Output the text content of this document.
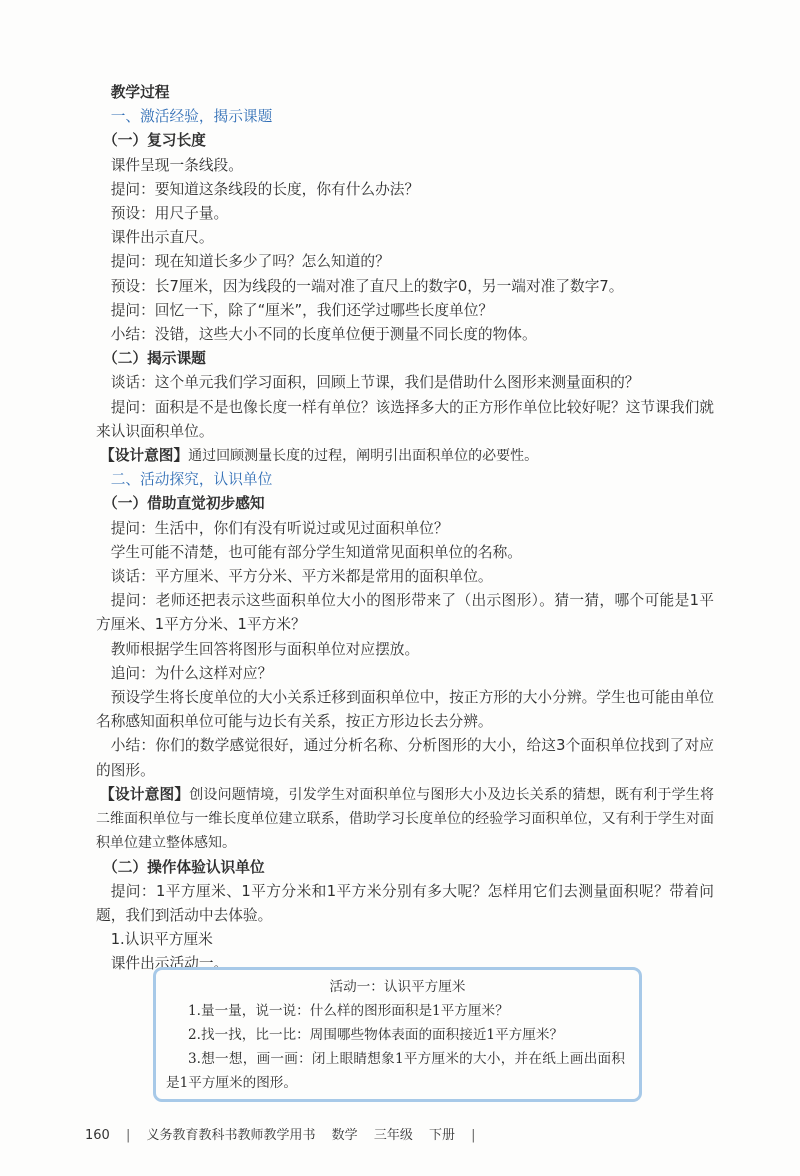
教学过程

一、激活经验，揭示课题

（一）复习长度

课件呈现一条线段。

提问：要知道这条线段的长度，你有什么办法？

预设：用尺子量。

课件出示直尺。

提问：现在知道长多少了吗？怎么知道的？

预设：长7厘米，因为线段的一端对准了直尺上的数字0，另一端对准了数字7。

提问：回忆一下，除了“厘米”，我们还学过哪些长度单位？

小结：没错，这些大小不同的长度单位便于测量不同长度的物体。

（二）揭示课题

谈话：这个单元我们学习面积，回顾上节课，我们是借助什么图形来测量面积的？

提问：面积是不是也像长度一样有单位？该选择多大的正方形作单位比较好呢？这节课我们就来认识面积单位。

【设计意图】通过回顾测量长度的过程，阐明引出面积单位的必要性。

二、活动探究，认识单位

（一）借助直觉初步感知

提问：生活中，你们有没有听说过或见过面积单位？

学生可能不清楚，也可能有部分学生知道常见面积单位的名称。

谈话：平方厘米、平方分米、平方米都是常用的面积单位。

提问：老师还把表示这些面积单位大小的图形带来了（出示图形）。猜一猜，哪个可能是1平方厘米、1平方分米、1平方米？

教师根据学生回答将图形与面积单位对应摆放。

追问：为什么这样对应？

预设学生将长度单位的大小关系迁移到面积单位中，按正方形的大小分辨。学生也可能由单位名称感知面积单位可能与边长有关系，按正方形边长去分辨。

小结：你们的数学感觉很好，通过分析名称、分析图形的大小，给这3个面积单位找到了对应的图形。

【设计意图】创设问题情境，引发学生对面积单位与图形大小及边长关系的猜想，既有利于学生将二维面积单位与一维长度单位建立联系，借助学习长度单位的经验学习面积单位，又有利于学生对面积单位建立整体感知。

（二）操作体验认识单位

提问：1平方厘米、1平方分米和1平方米分别有多大呢？怎样用它们去测量面积呢？带着问题，我们到活动中去体验。

1.认识平方厘米

课件出示活动一。

活动一：认识平方厘米

1.量一量，说一说：什么样的图形面积是1平方厘米？

2.找一找，比一比：周围哪些物体表面的面积接近1平方厘米？

3.想一想，画一画：闭上眼睛想象1平方厘米的大小，并在纸上画出面积是1平方厘米的图形。

160 | 义务教育教科书教师教学用书 数学 三年级 下册 |
